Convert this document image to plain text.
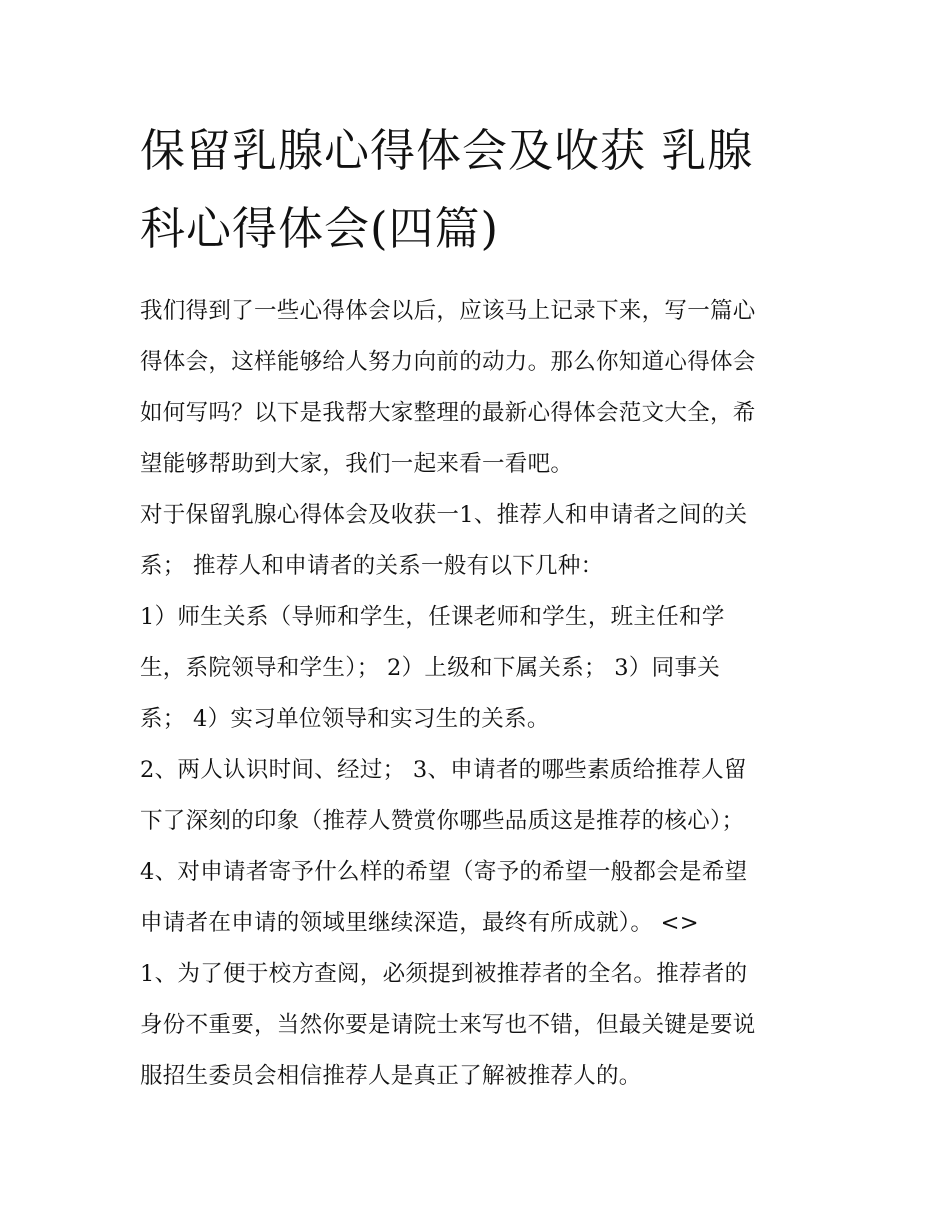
保留乳腺心得体会及收获 乳腺
科心得体会(四篇)

我们得到了一些心得体会以后，应该马上记录下来，写一篇心
得体会，这样能够给人努力向前的动力。那么你知道心得体会
如何写吗？以下是我帮大家整理的最新心得体会范文大全，希
望能够帮助到大家，我们一起来看一看吧。

对于保留乳腺心得体会及收获一1、推荐人和申请者之间的关
系； 推荐人和申请者的关系一般有以下几种：

1）师生关系（导师和学生，任课老师和学生，班主任和学
生，系院领导和学生）； 2）上级和下属关系； 3）同事关
系； 4）实习单位领导和实习生的关系。

2、两人认识时间、经过； 3、申请者的哪些素质给推荐人留
下了深刻的印象（推荐人赞赏你哪些品质这是推荐的核心）；
4、对申请者寄予什么样的希望（寄予的希望一般都会是希望
申请者在申请的领域里继续深造，最终有所成就）。 <>

1、为了便于校方查阅，必须提到被推荐者的全名。推荐者的
身份不重要，当然你要是请院士来写也不错，但最关键是要说
服招生委员会相信推荐人是真正了解被推荐人的。
